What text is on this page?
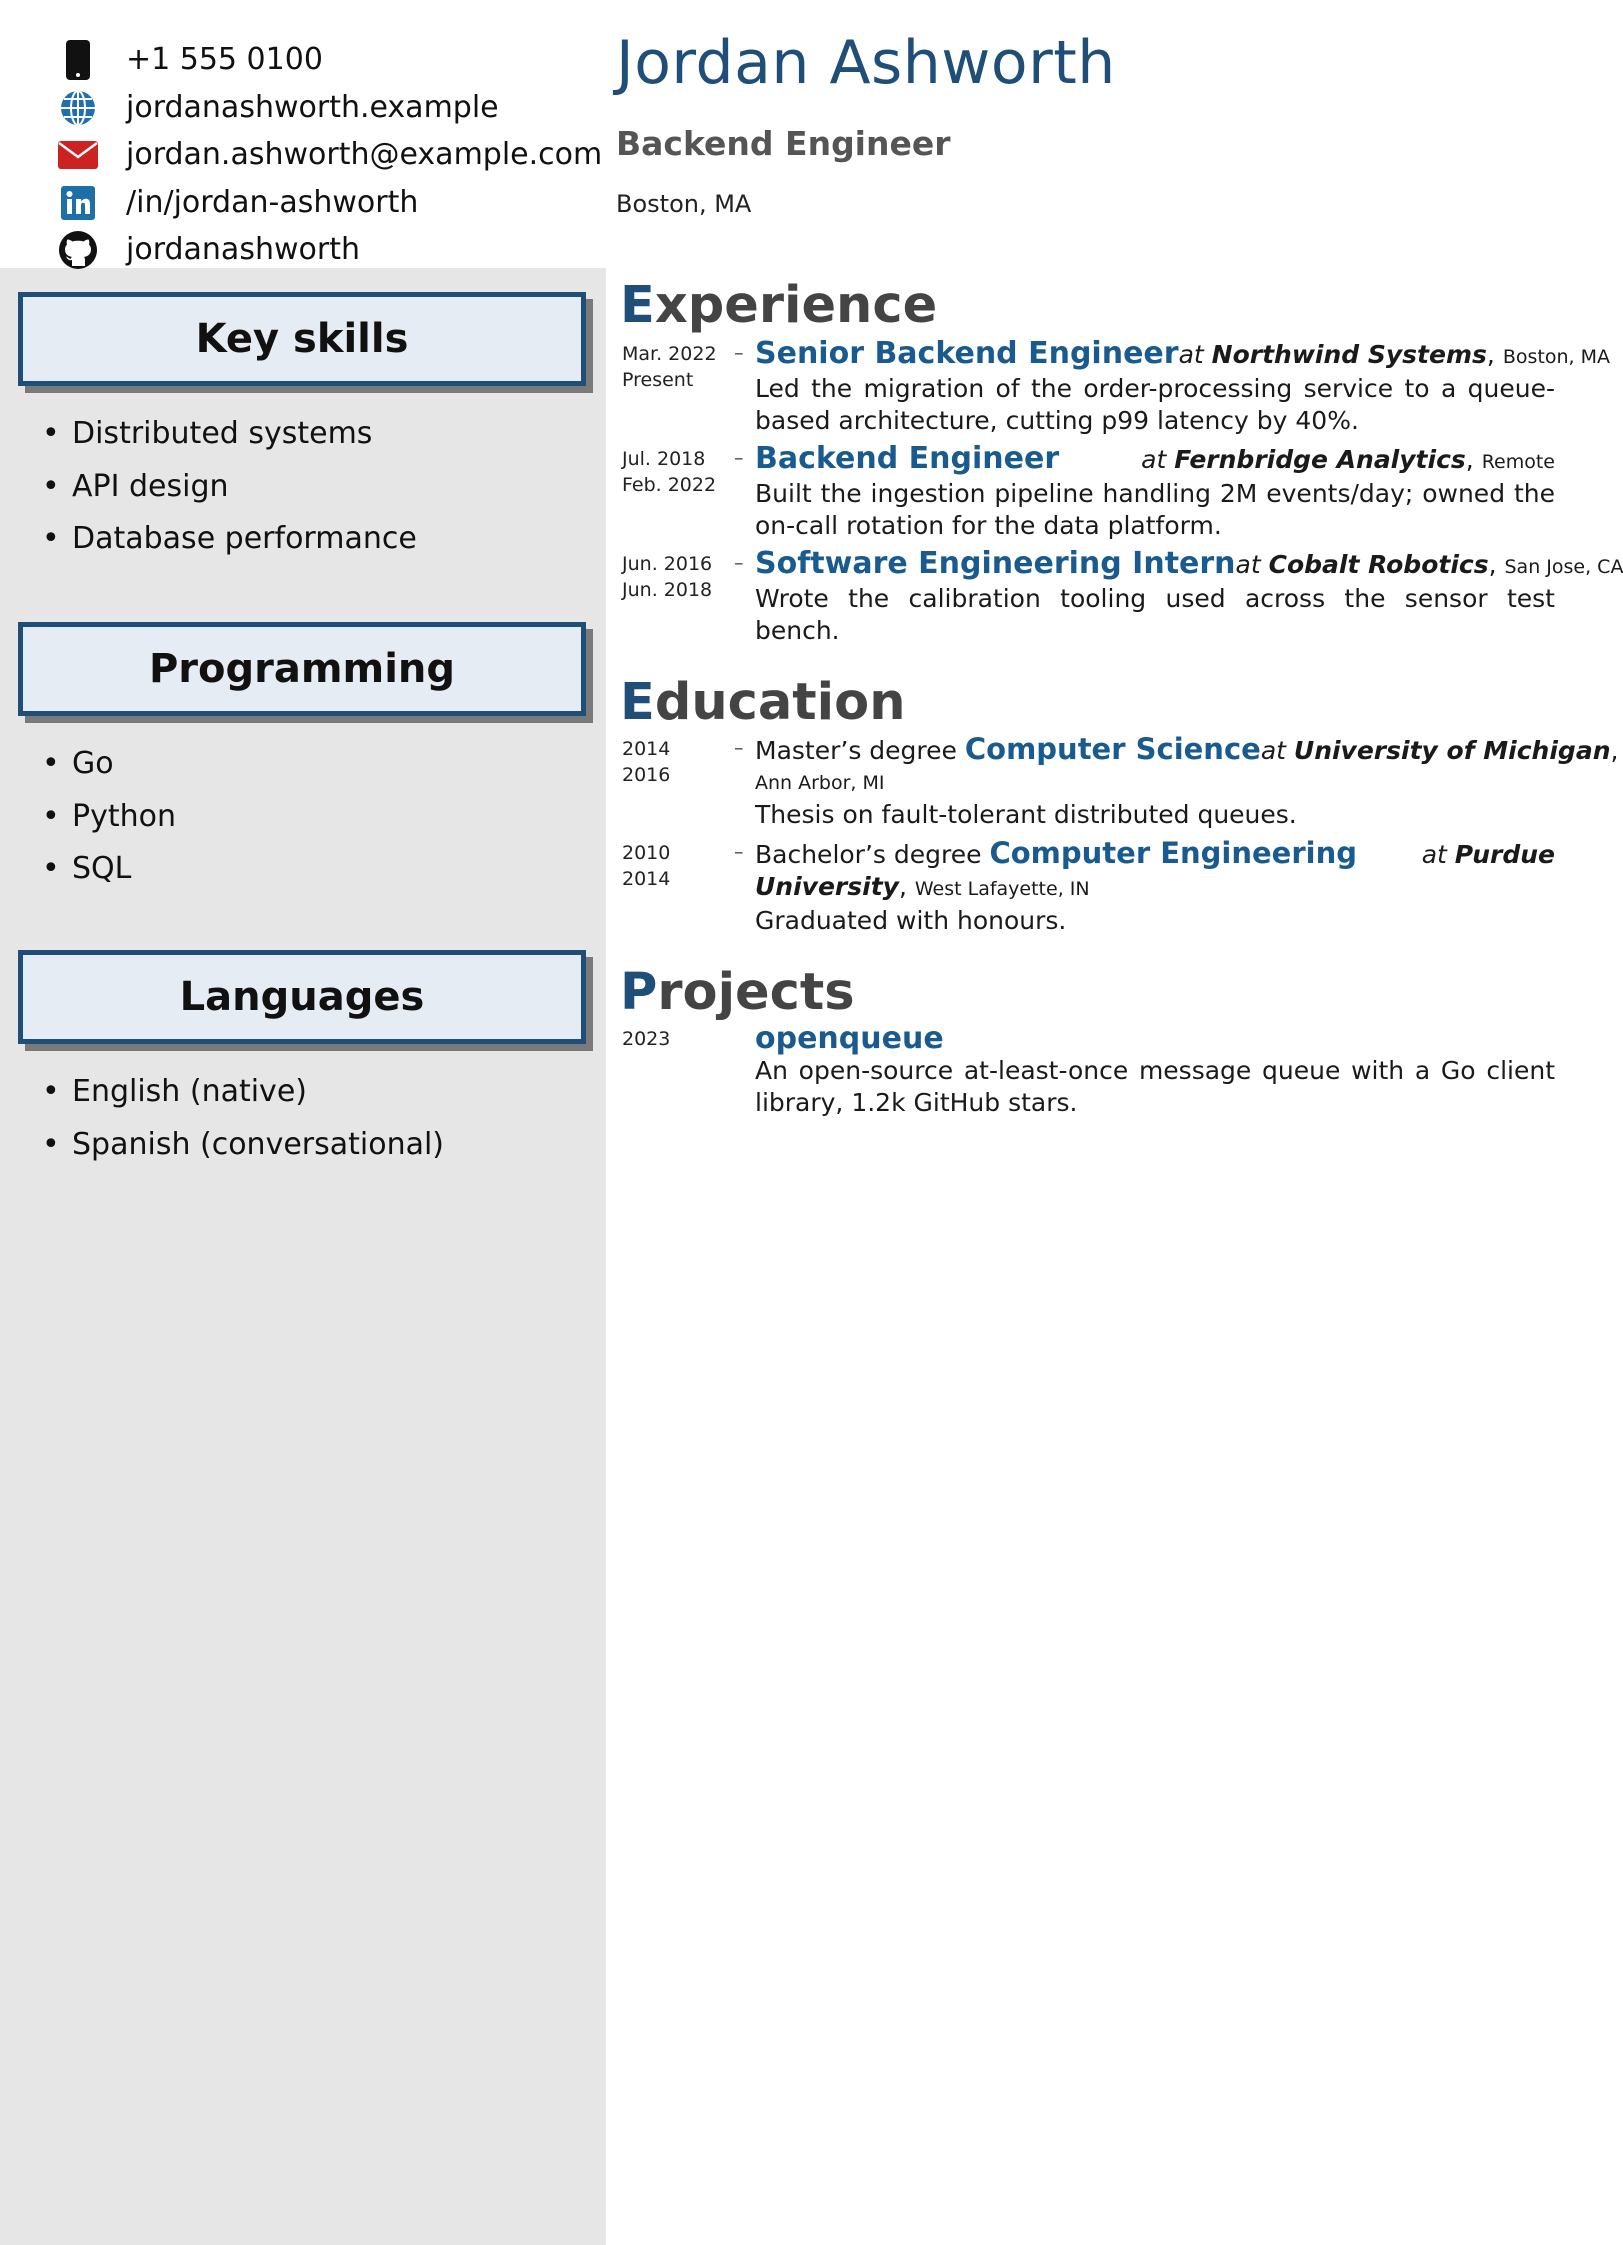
+1 555 0100
jordanashworth.example
jordan.ashworth@example.com
/in/jordan-ashworth
jordanashworth
Jordan Ashworth
Backend Engineer
Boston, MA
Key skills
• Distributed systems
• API design
• Database performance
Programming
• Go
• Python
• SQL
Languages
• English (native)
• Spanish (conversational)
Experience
Mar. 2022
Present
– Senior Backend Engineer at Northwind Systems, Boston, MA
Led the migration of the order-processing service to a queue-based architecture, cutting p99 latency by 40%.
Jul. 2018
Feb. 2022
– Backend Engineer	at Fernbridge Analytics, Remote
Built the ingestion pipeline handling 2M events/day; owned the on-call rotation for the data platform.
Jun. 2016
Jun. 2018
– Software Engineering Intern at Cobalt Robotics, San Jose, CA
Wrote the calibration tooling used across the sensor test bench.
Education
2014
2016
– Master’s degree Computer Science at University of Michigan,
Ann Arbor, MI
Thesis on fault-tolerant distributed queues.
2010
2014
– Bachelor’s degree Computer Engineering	at Purdue
University, West Lafayette, IN
Graduated with honours.
Projects
2023	openqueue
An open-source at-least-once message queue with a Go client library, 1.2k GitHub stars.
